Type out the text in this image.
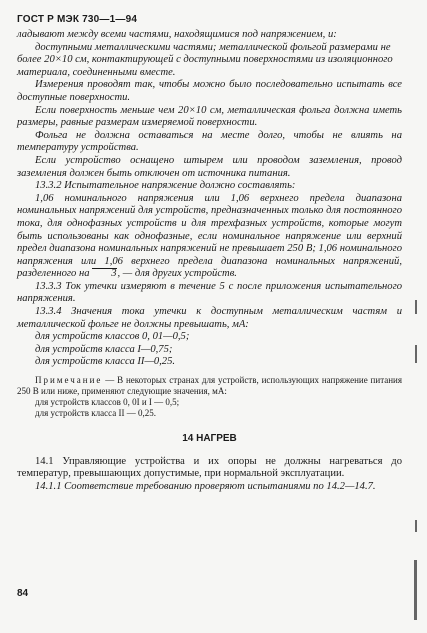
ГОСТ Р МЭК 730—1—94

ладывают между всеми частями, находящимися под напряжением, и:

доступными металлическими частями; металлической фольгой размерами не более 20×10 см, контактирующей с доступными поверхностями из изоляционного материала, соединенными вместе.

Измерения проводят так, чтобы можно было последовательно испытать все доступные поверхности.

Если поверхность меньше чем 20×10 см, металлическая фольга должна иметь размеры, равные размерам измеряемой поверхности.

Фольга не должна оставаться на месте долго, чтобы не влиять на температуру устройства.

Если устройство оснащено штырем или проводом заземления, провод заземления должен быть отключен от источника питания.

13.3.2 Испытательное напряжение должно составлять:

1,06 номинального напряжения или 1,06 верхнего предела диапазона номинальных напряжений для устройств, предназначенных только для постоянного тока, для однофазных устройств и для трехфазных устройств, которые могут быть использованы как однофазные, если номинальное напряжение или верхний предел диапазона номинальных напряжений не превышает 250 В; 1,06 номинального напряжения или 1,06 верхнего предела диапазона номинальных напряжений, разделенного на 3, — для других устройств.

13.3.3 Ток утечки измеряют в течение 5 с после приложения испытательного напряжения.

13.3.4 Значения тока утечки к доступным металлическим частям и металлической фольге не должны превышать, мА:

для устройств классов 0, 01—0,5;

для устройств класса I—0,75;

для устройств класса II—0,25.

Примечание — В некоторых странах для устройств, использующих напряжение питания 250 В или ниже, применяют следующие значения, мА:

для устройств классов 0, 0I и I — 0,5;

для устройств класса II — 0,25.

14 НАГРЕВ

14.1 Управляющие устройства и их опоры не должны нагреваться до температур, превышающих допустимые, при нормальной эксплуатации.

14.1.1 Соответствие требованию проверяют испытаниями по 14.2—14.7.

84
